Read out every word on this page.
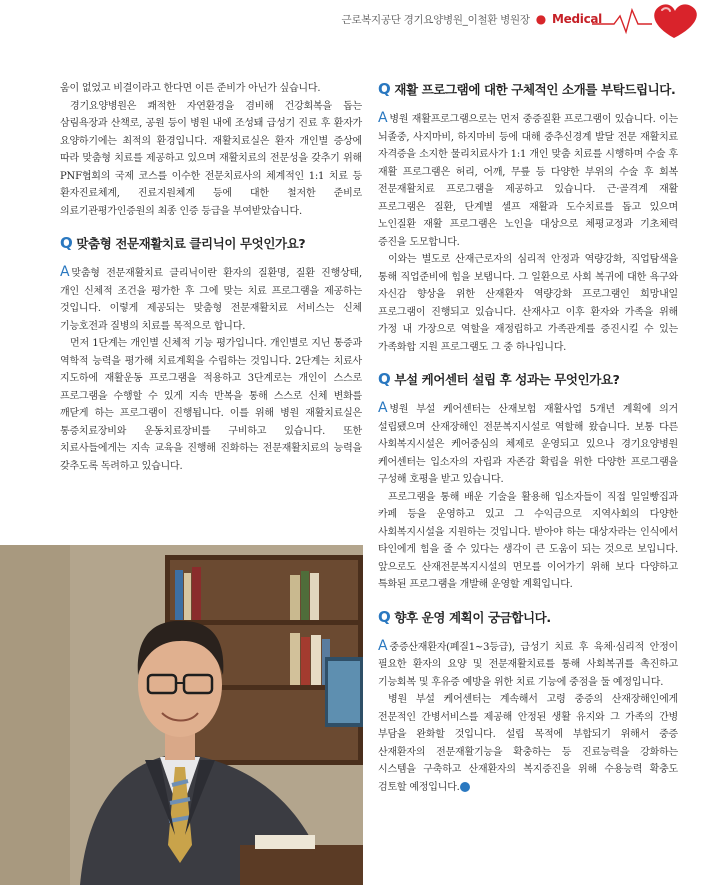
근로복지공단 경기요양병원_이철환 병원장 ● Medical

움이 없었고 비결이라고 한다면 이른 준비가 아닌가 싶습니다.

경기요양병원은 쾌적한 자연환경을 겸비해 건강회복을 돕는 삼림욕장과 산책로, 공원 등이 병원 내에 조성돼 급성기 진료 후 환자가 요양하기에는 최적의 환경입니다. 재활치료실은 환자 개인별 증상에 따라 맞춤형 치료를 제공하고 있으며 재활치료의 전문성을 갖추기 위해 PNF협회의 국제 코스를 이수한 전문치료사의 체계적인 1:1 치료 등 환자진료체계, 진료지원체계 등에 대한 철저한 준비로 의료기관평가인증원의 최종 인증 등급을 부여받았습니다.

Q 맞춤형 전문재활치료 클리닉이 무엇인가요?

A 맞춤형 전문재활치료 클리닉이란 환자의 질환명, 질환 진행상태, 개인 신체적 조건을 평가한 후 그에 맞는 치료 프로그램을 제공하는 것입니다. 이렇게 제공되는 맞춤형 전문재활치료 서비스는 신체 기능호전과 질병의 치료를 목적으로 합니다.

먼저 1단계는 개인별 신체적 기능 평가입니다. 개인별로 지닌 통증과 역학적 능력을 평가해 치료계획을 수립하는 것입니다. 2단계는 치료사 지도하에 재활운동 프로그램을 적용하고 3단계로는 개인이 스스로 프로그램을 수행할 수 있게 지속 반복을 통해 스스로 신체 변화를 깨닫게 하는 프로그램이 진행됩니다. 이를 위해 병원 재활치료실은 통증치료장비와 운동치료장비를 구비하고 있습니다. 또한 치료사들에게는 지속 교육을 진행해 진화하는 전문재활치료의 능력을 갖추도록 독려하고 있습니다.

Q 재활 프로그램에 대한 구체적인 소개를 부탁드립니다.

A 병원 재활프로그램으로는 먼저 중증질환 프로그램이 있습니다. 이는 뇌졸중, 사지마비, 하지마비 등에 대해 중추신경계 발달 전문 재활치료 자격증을 소지한 물리치료사가 1:1 개인 맞춤 치료를 시행하며 수술 후 재활 프로그램은 허리, 어깨, 무릎 등 다양한 부위의 수술 후 회복 전문재활치료 프로그램을 제공하고 있습니다. 근·골격계 재활 프로그램은 질환, 단계별 셀프 재활과 도수치료를 돕고 있으며 노인질환 재활 프로그램은 노인을 대상으로 체평교정과 기초체력 증진을 도모합니다.

이와는 별도로 산재근로자의 심리적 안정과 역량강화, 직업탐색을 통해 직업준비에 힘을 보탭니다. 그 일환으로 사회 복귀에 대한 욕구와 자신감 향상을 위한 산재환자 역량강화 프로그램인 희망내일 프로그램이 진행되고 있습니다. 산재사고 이후 환자와 가족을 위해 가정 내 가장으로 역할을 재정립하고 가족관계를 증진시킬 수 있는 가족화합 지원 프로그램도 그 중 하나입니다.

Q 부설 케어센터 설립 후 성과는 무엇인가요?

A 병원 부설 케어센터는 산재보험 재활사업 5개년 계획에 의거 설립됐으며 산재장해인 전문복지시설로 역할해 왔습니다. 보통 다른 사회복지시설은 케어중심의 체제로 운영되고 있으나 경기요양병원 케어센터는 입소자의 자립과 자존감 확립을 위한 다양한 프로그램을 구성해 호평을 받고 있습니다.

프로그램을 통해 배운 기술을 활용해 입소자들이 직접 일일빵집과 카페 등을 운영하고 있고 그 수익금으로 지역사회의 다양한 사회복지시설을 지원하는 것입니다. 받아야 하는 대상자라는 인식에서 타인에게 힘을 줄 수 있다는 생각이 큰 도움이 되는 것으로 보입니다. 앞으로도 산재전문복지시설의 면모를 이어가기 위해 보다 다양하고 특화된 프로그램을 개발해 운영할 계획입니다.

Q 향후 운영 계획이 궁금합니다.

A 중증산재환자(폐질1~3등급), 급성기 치료 후 육체·심리적 안정이 필요한 환자의 요양 및 전문재활치료를 통해 사회복귀를 촉진하고 기능회복 및 후유증 예방을 위한 치료 기능에 중점을 둘 예정입니다.

병원 부설 케어센터는 계속해서 고령 중증의 산재장해인에게 전문적인 간병서비스를 제공해 안정된 생활 유지와 그 가족의 간병 부담을 완화할 것입니다. 설립 목적에 부합되기 위해서 중증 산재환자의 전문재활기능을 확충하는 등 진료능력을 강화하는 시스템을 구축하고 산재환자의 복지증진을 위해 수용능력 확충도 검토할 예정입니다. E
